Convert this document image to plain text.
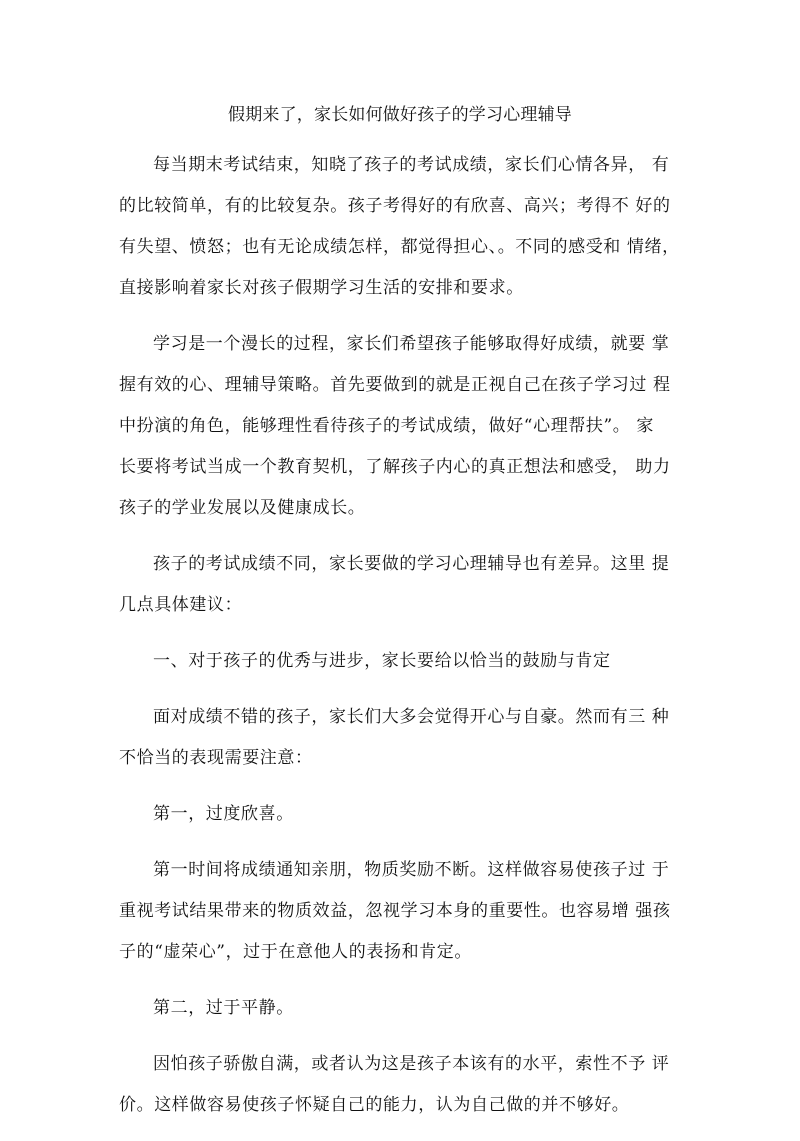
假期来了，家长如何做好孩子的学习心理辅导
每当期末考试结束，知晓了孩子的考试成绩，家长们心情各异， 有
的比较简单，有的比较复杂。孩子考得好的有欣喜、高兴；考得不 好的
有失望、愤怒；也有无论成绩怎样，都觉得担心、。不同的感受和 情绪，
直接影响着家长对孩子假期学习生活的安排和要求。
学习是一个漫长的过程，家长们希望孩子能够取得好成绩，就要 掌
握有效的心、理辅导策略。首先要做到的就是正视自己在孩子学习过 程
中扮演的角色，能够理性看待孩子的考试成绩，做好“心理帮扶”。 家
长要将考试当成一个教育契机，了解孩子内心的真正想法和感受， 助力
孩子的学业发展以及健康成长。
孩子的考试成绩不同，家长要做的学习心理辅导也有差异。这里 提
几点具体建议：
一、对于孩子的优秀与进步，家长要给以恰当的鼓励与肯定
面对成绩不错的孩子，家长们大多会觉得开心与自豪。然而有三 种
不恰当的表现需要注意：
第一，过度欣喜。
第一时间将成绩通知亲朋，物质奖励不断。这样做容易使孩子过 于
重视考试结果带来的物质效益，忽视学习本身的重要性。也容易增 强孩
子的“虚荣心”，过于在意他人的表扬和肯定。
第二，过于平静。
因怕孩子骄傲自满，或者认为这是孩子本该有的水平，索性不予 评
价。这样做容易使孩子怀疑自己的能力，认为自己做的并不够好。
